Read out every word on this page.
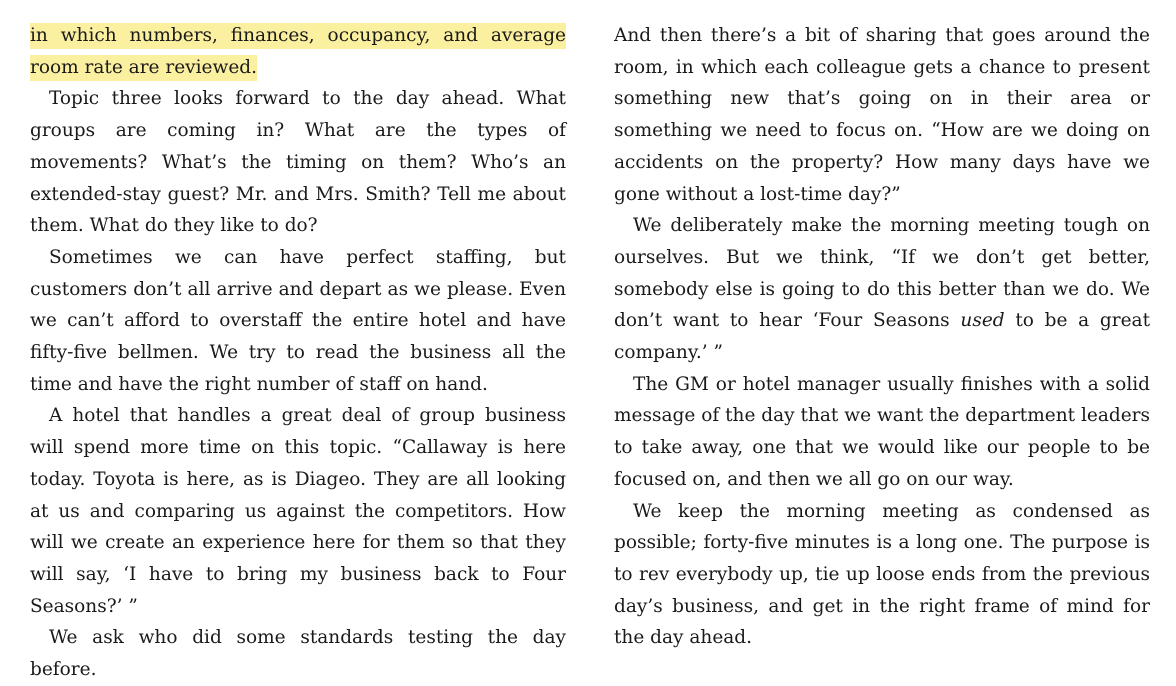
in which numbers, finances, occupancy, and average room rate are reviewed.

Topic three looks forward to the day ahead. What groups are coming in? What are the types of movements? What’s the timing on them? Who’s an extended-stay guest? Mr. and Mrs. Smith? Tell me about them. What do they like to do?

Sometimes we can have perfect staffing, but customers don’t all arrive and depart as we please. Even we can’t afford to overstaff the entire hotel and have fifty-five bellmen. We try to read the business all the time and have the right number of staff on hand.

A hotel that handles a great deal of group business will spend more time on this topic. “Callaway is here today. Toyota is here, as is Diageo. They are all looking at us and comparing us against the competitors. How will we create an experience here for them so that they will say, ‘I have to bring my business back to Four Seasons?’ ”

We ask who did some standards testing the day before.

And then there’s a bit of sharing that goes around the room, in which each colleague gets a chance to present something new that’s going on in their area or something we need to focus on. “How are we doing on accidents on the property? How many days have we gone without a lost-time day?”

We deliberately make the morning meeting tough on ourselves. But we think, “If we don’t get better, somebody else is going to do this better than we do. We don’t want to hear ‘Four Seasons used to be a great company.’ ”

The GM or hotel manager usually finishes with a solid message of the day that we want the department leaders to take away, one that we would like our people to be focused on, and then we all go on our way.

We keep the morning meeting as condensed as possible; forty-five minutes is a long one. The purpose is to rev everybody up, tie up loose ends from the previous day’s business, and get in the right frame of mind for the day ahead.
